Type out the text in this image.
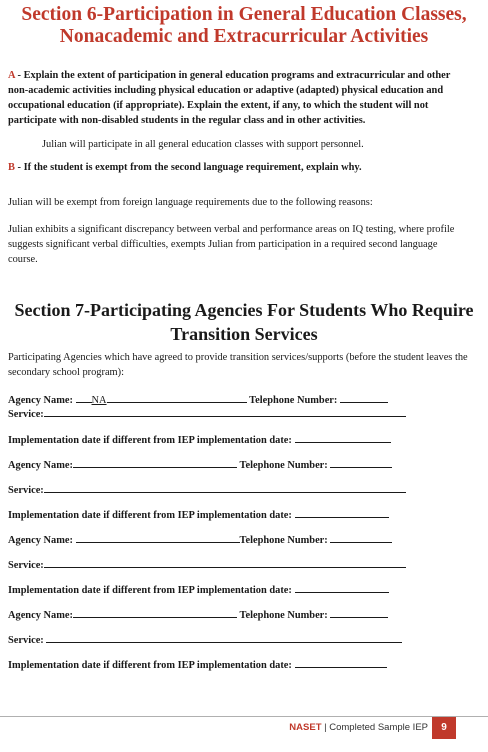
Section 6-Participation in General Education Classes,
Nonacademic and Extracurricular Activities
A - Explain the extent of participation in general education programs and extracurricular and other non-academic activities including physical education or adaptive (adapted) physical education and occupational education (if appropriate). Explain the extent, if any, to which the student will not participate with non-disabled students in the regular class and in other activities.
Julian will participate in all general education classes with support personnel.
B - If the student is exempt from the second language requirement, explain why.
Julian will be exempt from foreign language requirements due to the following reasons:
Julian exhibits a significant discrepancy between verbal and performance areas on IQ testing, where profile suggests significant verbal difficulties, exempts Julian from participation in a required second language course.
Section 7-Participating Agencies For Students Who Require
Transition Services
Participating Agencies which have agreed to provide transition services/supports (before the student leaves the secondary school program):
Agency Name: NA	Telephone Number:
Service:
Implementation date if different from IEP implementation date:
Agency Name:	Telephone Number:
Service:
Implementation date if different from IEP implementation date:
Agency Name:	Telephone Number:
Service:
Implementation date if different from IEP implementation date:
Agency Name:	Telephone Number:
Service:
Implementation date if different from IEP implementation date:
NASET | Completed Sample IEP	9
